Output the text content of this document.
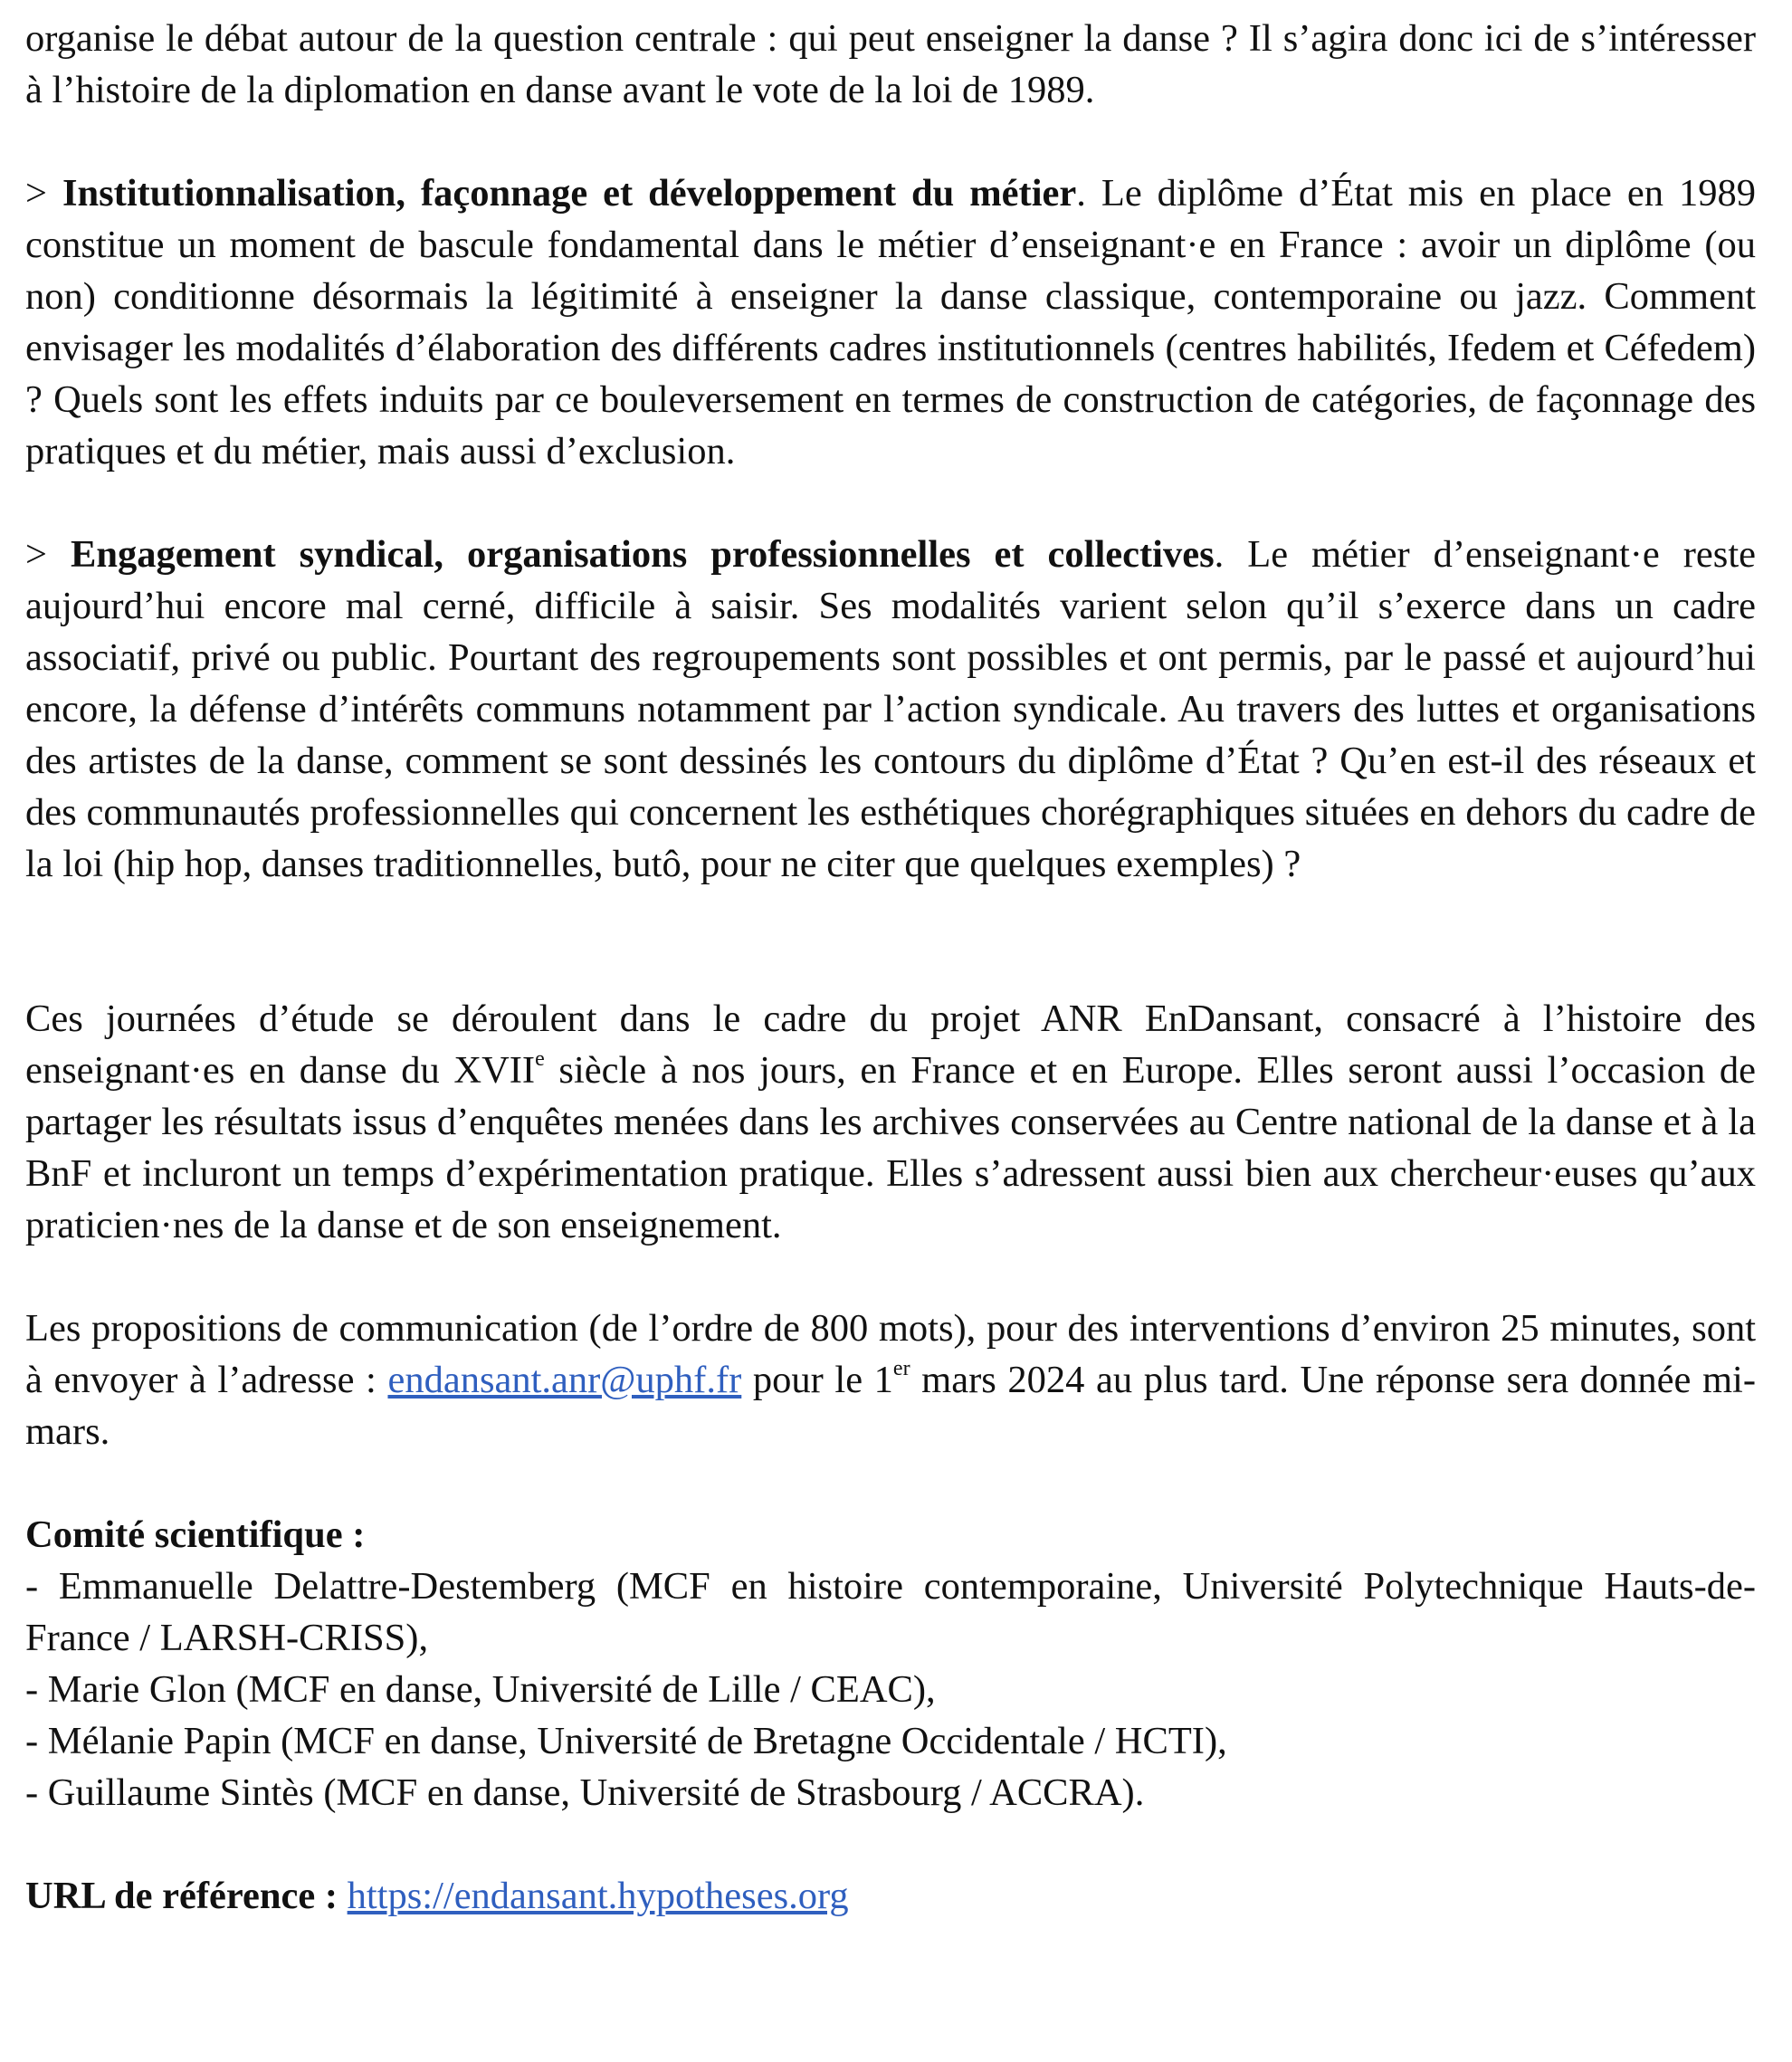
organise le débat autour de la question centrale : qui peut enseigner la danse ? Il s’agira donc ici de s’intéresser à l’histoire de la diplomation en danse avant le vote de la loi de 1989.

> Institutionnalisation, façonnage et développement du métier. Le diplôme d’État mis en place en 1989 constitue un moment de bascule fondamental dans le métier d’enseignant·e en France : avoir un diplôme (ou non) conditionne désormais la légitimité à enseigner la danse classique, contemporaine ou jazz. Comment envisager les modalités d’élaboration des différents cadres institutionnels (centres habilités, Ifedem et Céfedem) ? Quels sont les effets induits par ce bouleversement en termes de construction de catégories, de façonnage des pratiques et du métier, mais aussi d’exclusion.

> Engagement syndical, organisations professionnelles et collectives. Le métier d’enseignant·e reste aujourd’hui encore mal cerné, difficile à saisir. Ses modalités varient selon qu’il s’exerce dans un cadre associatif, privé ou public. Pourtant des regroupements sont possibles et ont permis, par le passé et aujourd’hui encore, la défense d’intérêts communs notamment par l’action syndicale. Au travers des luttes et organisations des artistes de la danse, comment se sont dessinés les contours du diplôme d’État ? Qu’en est-il des réseaux et des communautés professionnelles qui concernent les esthétiques chorégraphiques situées en dehors du cadre de la loi (hip hop, danses traditionnelles, butô, pour ne citer que quelques exemples) ?

Ces journées d’étude se déroulent dans le cadre du projet ANR EnDansant, consacré à l’histoire des enseignant·es en danse du XVIIe siècle à nos jours, en France et en Europe. Elles seront aussi l’occasion de partager les résultats issus d’enquêtes menées dans les archives conservées au Centre national de la danse et à la BnF et incluront un temps d’expérimentation pratique. Elles s’adressent aussi bien aux chercheur·euses qu’aux praticien·nes de la danse et de son enseignement.

Les propositions de communication (de l’ordre de 800 mots), pour des interventions d’environ 25 minutes, sont à envoyer à l’adresse : endansant.anr@uphf.fr pour le 1er mars 2024 au plus tard. Une réponse sera donnée mi-mars.

Comité scientifique :

- Emmanuelle Delattre-Destemberg (MCF en histoire contemporaine, Université Polytechnique Hauts-de-France / LARSH-CRISS),

- Marie Glon (MCF en danse, Université de Lille / CEAC),
- Mélanie Papin (MCF en danse, Université de Bretagne Occidentale / HCTI),
- Guillaume Sintès (MCF en danse, Université de Strasbourg / ACCRA).

URL de référence : https://endansant.hypotheses.org
